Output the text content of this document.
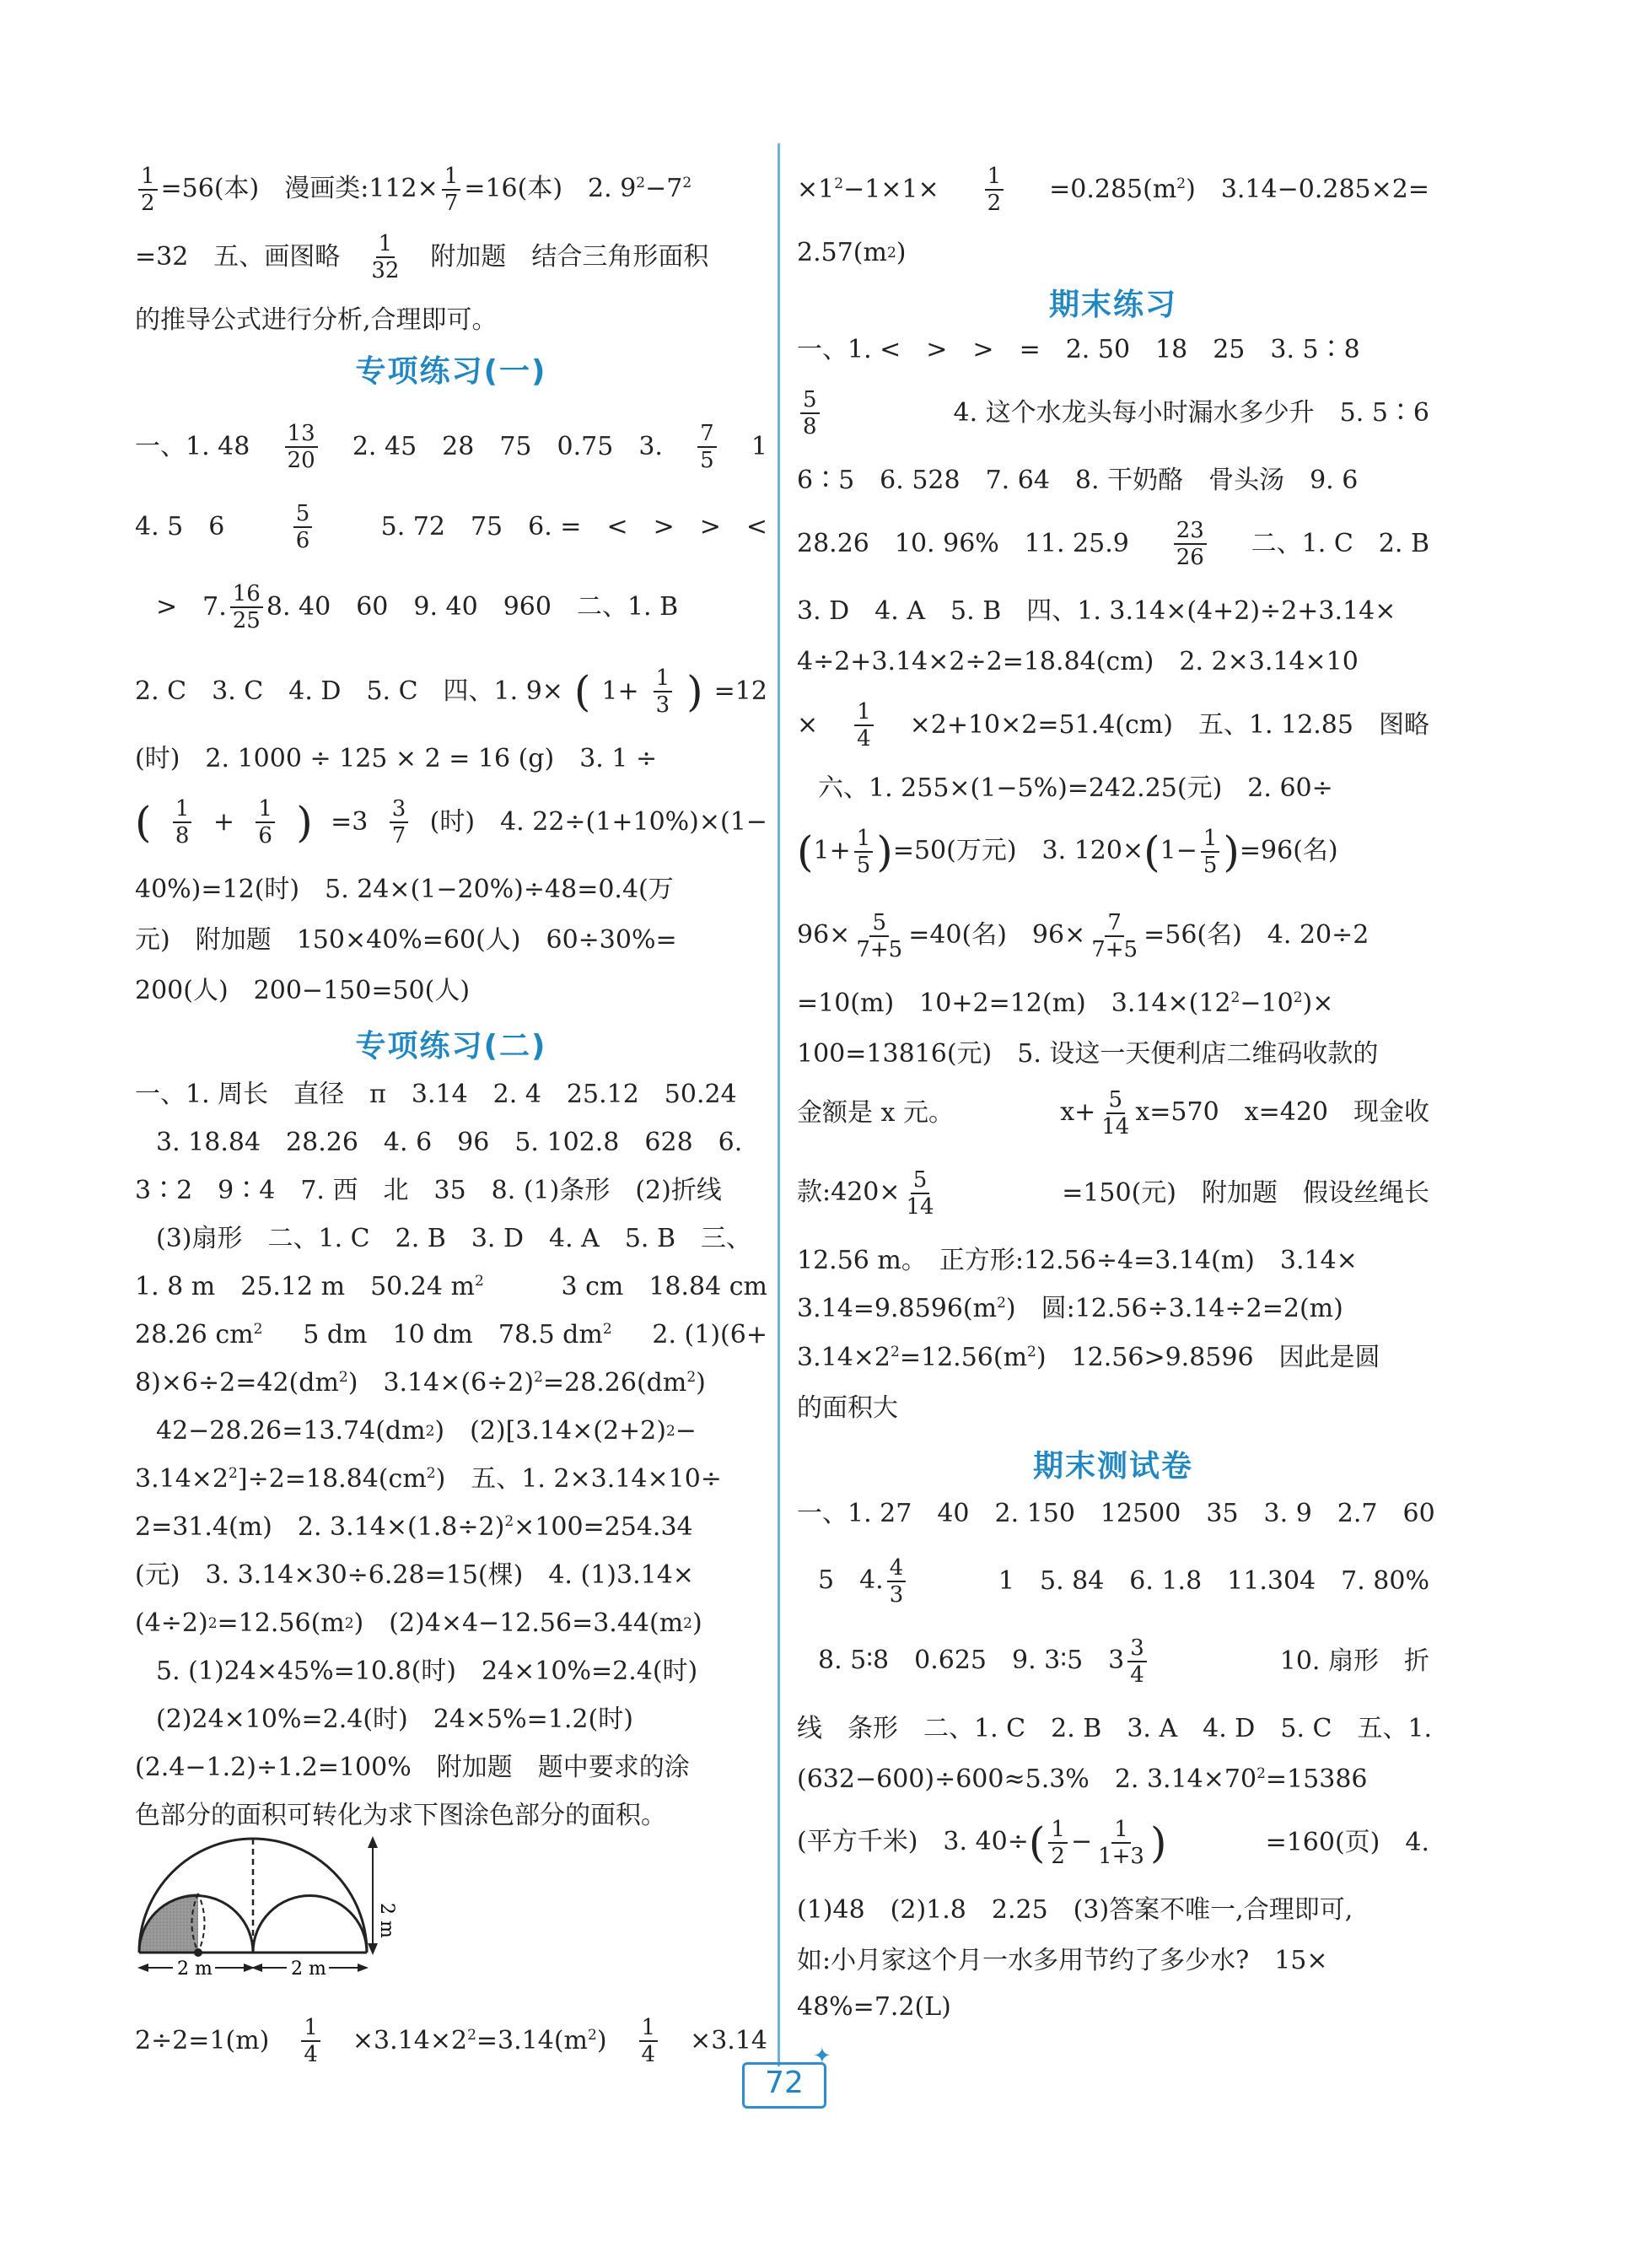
$\frac{1}{2} =56$(本)　漫画类:112× $\frac{1}{7} =16$(本)　2. $9^2-7^2$
=32　五、画图略　 $\frac{1}{32}$ 　附加题　结合三角形面积
的推导公式进行分析,合理即可。
专项练习(一)
一、1. $48 \frac{13}{20} 2$. 45　28　75　0.75　3. $\frac{7}{5} 1$
4. 5　6	$\frac{5}{6}$	5. 72　75　6. =　<　>　>　<
>　7. $\frac{16}{25} 8$. 40　60　9. 40　960　二、1. B
2. C　3. C　4. D　5. C　四、1. 9× ( $1+ \frac{1}{3}$ ) =12
(时)　2. 1000 ÷ 125 × 2 = 16 (g)　3. 1 ÷
( $\frac{1}{8} + \frac{1}{6}$ ) $=3 \frac{3}{7}$ (时)　4. 22÷(1+10%)×(1−
40%)=12(时)　5. 24×(1−20%)÷48=0.4(万
元)　附加题　150×40%=60(人)　60÷30%=
200(人)　200−150=50(人)
专项练习(二)
一、1. 周长　直径　π　3.14　2. 4　25.12　50.24
3. 18.84　28.26　4. 6　96　5. 102.8　628　6.
3∶2　9∶4　7. 西　北　35　8. (1)条形　(2)折线
(3)扇形　二、1. C　2. B　3. D　4. A　5. B　三、
1. 8 m　25.12 m　50.24 $m^2$	3 cm　18.84 cm
28.26 $cm^2$ 5 dm　10 dm　78.5 $dm^2$ 2. (1)(6+
$8)\times 6\div 2=42(dm^2)$　$3.14\times(6\div 2)^2=28.26(dm^2)$
42−28.26=13.74(dm 2 )　(2)[3.14×(2+2) 2 −
$3.14\times 2^2]\div 2=18.84(cm^2)$　五、1. 2×3.14×10÷
2=31.4(m)　2. $3.14\times(1.8\div 2)^2\times 100=254.34$
(元)　3. 3.14×30÷6.28=15(棵)　4. (1)3.14×
(4÷2) 2 =12.56(m 2 )　(2)4×4−12.56=3.44(m 2 )
5. (1)24×45%=10.8(时)　24×10%=2.4(时)
(2)24×10%=2.4(时)　24×5%=1.2(时)
(2.4−1.2)÷1.2=100%　附加题　题中要求的涂
色部分的面积可转化为求下图涂色部分的面积。
2 m
2 m	2 m
$2\div 2=1(m) \frac{1}{4} \times 3.14\times 2^2=3.14(m^2) \frac{1}{4} \times 3.14$
$\times 1^2-1\times 1\times \frac{1}{2} =0.285(m^2)$　3.14−0.285×2=
2.57(m 2 )
期末练习
一、1. <　>　>　=　2. 50　18　25　3. 5∶8
$\frac{5}{8}$	4. 这个水龙头每小时漏水多少升　5. 5∶6
6∶5　6. 528　7. 64　8. 干奶酪　骨头汤　9. 6
28.26　10. 96%　11. $25.9 \frac{23}{26}$ 二、1. C　2. B
3. D　4. A　5. B　四、1. 3.14×(4+2)÷2+3.14×
4÷2+3.14×2÷2=18.84(cm)　2. 2×3.14×10
× $\frac{1}{4} \times 2+10\times 2=51.4(cm)$　五、1. 12.85　图略
六、1. 255×(1−5%)=242.25(元)　2. 60÷
$(1+ \frac{1}{5} )=50$(万元)　3. $120\times(1- \frac{1}{5} )=96$(名)
$96\times \frac{5}{7+5} =40$(名)　$96\times \frac{7}{7+5} =56$(名)　4. 20÷2
=10(m)　10+2=12(m)　$3.14\times(12^2-10^2)\times$
100=13816(元)　5. 设这一天便利店二维码收款的
金额是 x 元。	$x+ \frac{5}{14} x=570$　x=420　现金收
款:420× $\frac{5}{14}$	=150(元)　附加题　假设丝绳长
12.56 m。　正方形:12.56÷4=3.14(m)　3.14×
$3.14=9.8596(m^2)$　圆:12.56÷3.14÷2=2(m)
$3.14\times 2^2=12.56(m^2)$　12.56>9.8596　因此是圆
的面积大
期末测试卷
一、1. 27　40　2. 150　12500　35　3. 9　2.7　60
5　4. $\frac{4}{3}$	1　5. 84　6. 1.8　11.304　7. 80%
8. 5∶8　0.625　9. 3∶5　$3 \frac{3}{4}$	10. 扇形　折
线　条形　二、1. C　2. B　3. A　4. D　5. C　五、1.
(632−600)÷600≈5.3%　2. $3.14\times 70^2=15386$
(平方千米)　3. $40\div( \frac{1}{2} - \frac{1}{1+3}$ )	=160(页)　4.
(1)48　(2)1.8　2.25　(3)答案不唯一,合理即可,
如:小月家这个月一水多用节约了多少水?　15×
48%=7.2(L)
72
✦
